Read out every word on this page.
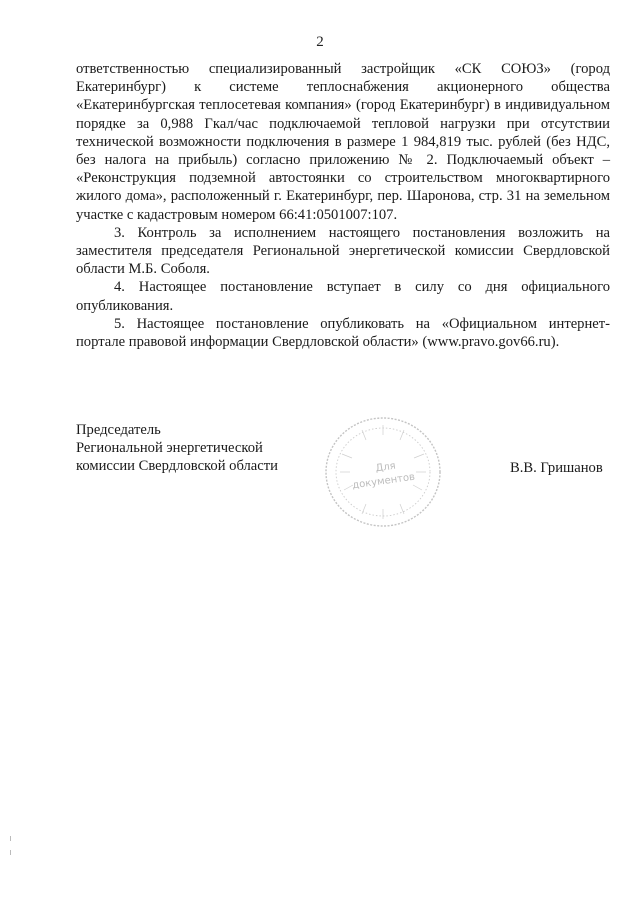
2

ответственностью специализированный застройщик «СК СОЮЗ» (город Екатеринбург) к системе теплоснабжения акционерного общества «Екатеринбургская теплосетевая компания» (город Екатеринбург) в индивидуальном порядке за 0,988 Гкал/час подключаемой тепловой нагрузки при отсутствии технической возможности подключения в размере 1 984,819 тыс. рублей (без НДС, без налога на прибыль) согласно приложению № 2. Подключаемый объект – «Реконструкция подземной автостоянки со строительством многоквартирного жилого дома», расположенный г. Екатеринбург, пер. Шаронова, стр. 31 на земельном участке с кадастровым номером 66:41:0501007:107.

3. Контроль за исполнением настоящего постановления возложить на заместителя председателя Региональной энергетической комиссии Свердловской области М.Б. Соболя.

4. Настоящее постановление вступает в силу со дня официального опубликования.

5. Настоящее постановление опубликовать на «Официальном интернет-портале правовой информации Свердловской области» (www.pravo.gov66.ru).

Председатель
Региональной энергетической
комиссии Свердловской области	Для
документов
В.В. Гришанов
